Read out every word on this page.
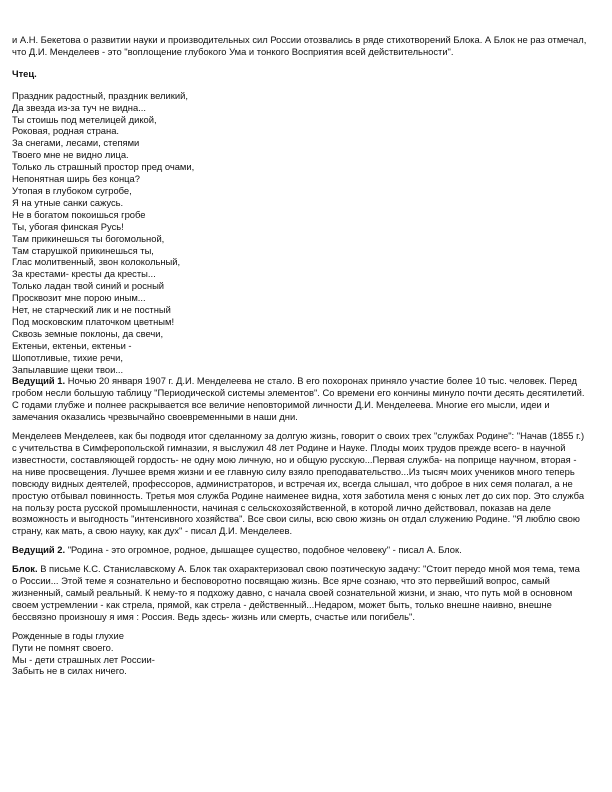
и А.Н. Бекетова о развитии науки и производительных сил России отозвались в ряде стихотворений Блока. А Блок не раз отмечал, что Д.И. Менделеев - это "воплощение глубокого Ума и тонкого Восприятия всей действительности".

Чтец.

Праздник радостный, праздник великий,
Да звезда из-за туч не видна...
Ты стоишь под метелицей дикой,
Роковая, родная страна.
За снегами, лесами, степями
Твоего мне не видно лица.
Только ль страшный простор пред очами,
Непонятная ширь без конца?
Утопая в глубоком сугробе,
Я на утные санки сажусь.
Не в богатом покоишься гробе
Ты, убогая финская Русь!
Там прикинешься ты богомольной,
Там старушкой прикинешься ты,
Глас молитвенный, звон колокольный,
За крестами- кресты да кресты...
Только ладан твой синий и росный
Просквозит мне порою иным...
Нет, не старческий лик и не постный
Под московским платочком цветным!
Сквозь земные поклоны, да свечи,
Ектеньи, ектеньи, ектеньи -
Шопотливые, тихие речи,
Запылавшие щеки твои...

Ведущий 1. Ночью 20 января 1907 г. Д.И. Менделеева не стало. В его похоронах приняло участие более 10 тыс. человек. Перед гробом несли большую таблицу "Периодической системы элементов". Со времени его кончины минуло почти десять десятилетий. С годами глубже и полнее раскрывается все величие неповторимой личности Д.И. Менделеева. Многие его мысли, идеи и замечания оказались чрезвычайно своевременными в наши дни.

Менделеев Менделеев, как бы подводя итог сделанному за долгую жизнь, говорит о своих трех "службах Родине": "Начав (1855 г.) с учительства в Симферопольской гимназии, я выслужил 48 лет Родине и Науке. Плоды моих трудов прежде всего- в научной известности, составляющей гордость- не одну мою личную, но и общую русскую...Первая служба- на поприще научном, вторая - на ниве просвещения. Лучшее время жизни и ее главную силу взяло преподавательство...Из тысяч моих учеников много теперь повсюду видных деятелей, профессоров, администраторов, и встречая их, всегда слышал, что доброе в них семя полагал, а не простую отбывал повинность. Третья моя служба Родине наименее видна, хотя заботила меня с юных лет до сих пор. Это служба на пользу роста русской промышленности, начиная с сельскохозяйственной, в которой лично действовал, показав на деле возможность и выгодность "интенсивного хозяйства". Все свои силы, всю свою жизнь он отдал служению Родине. "Я люблю свою страну, как мать, а свою науку, как дух" - писал Д.И. Менделеев.

Ведущий 2. "Родина - это огромное, родное, дышащее существо, подобное человеку" - писал А. Блок.

Блок. В письме К.С. Станиславскому А. Блок так охарактеризовал свою поэтическую задачу: "Стоит передо мной моя тема, тема о России... Этой теме я сознательно и бесповоротно посвящаю жизнь. Все ярче сознаю, что это первейший вопрос, самый жизненный, самый реальный. К нему-то я подхожу давно, с начала своей сознательной жизни, и знаю, что путь мой в основном своем устремлении - как стрела, прямой, как стрела - действенный...Недаром, может быть, только внешне наивно, внешне бессвязно произношу я имя : Россия. Ведь здесь- жизнь или смерть, счастье или погибель".

Рожденные в годы глухие
Пути не помнят своего.
Мы - дети страшных лет России-
Забыть не в силах ничего.
